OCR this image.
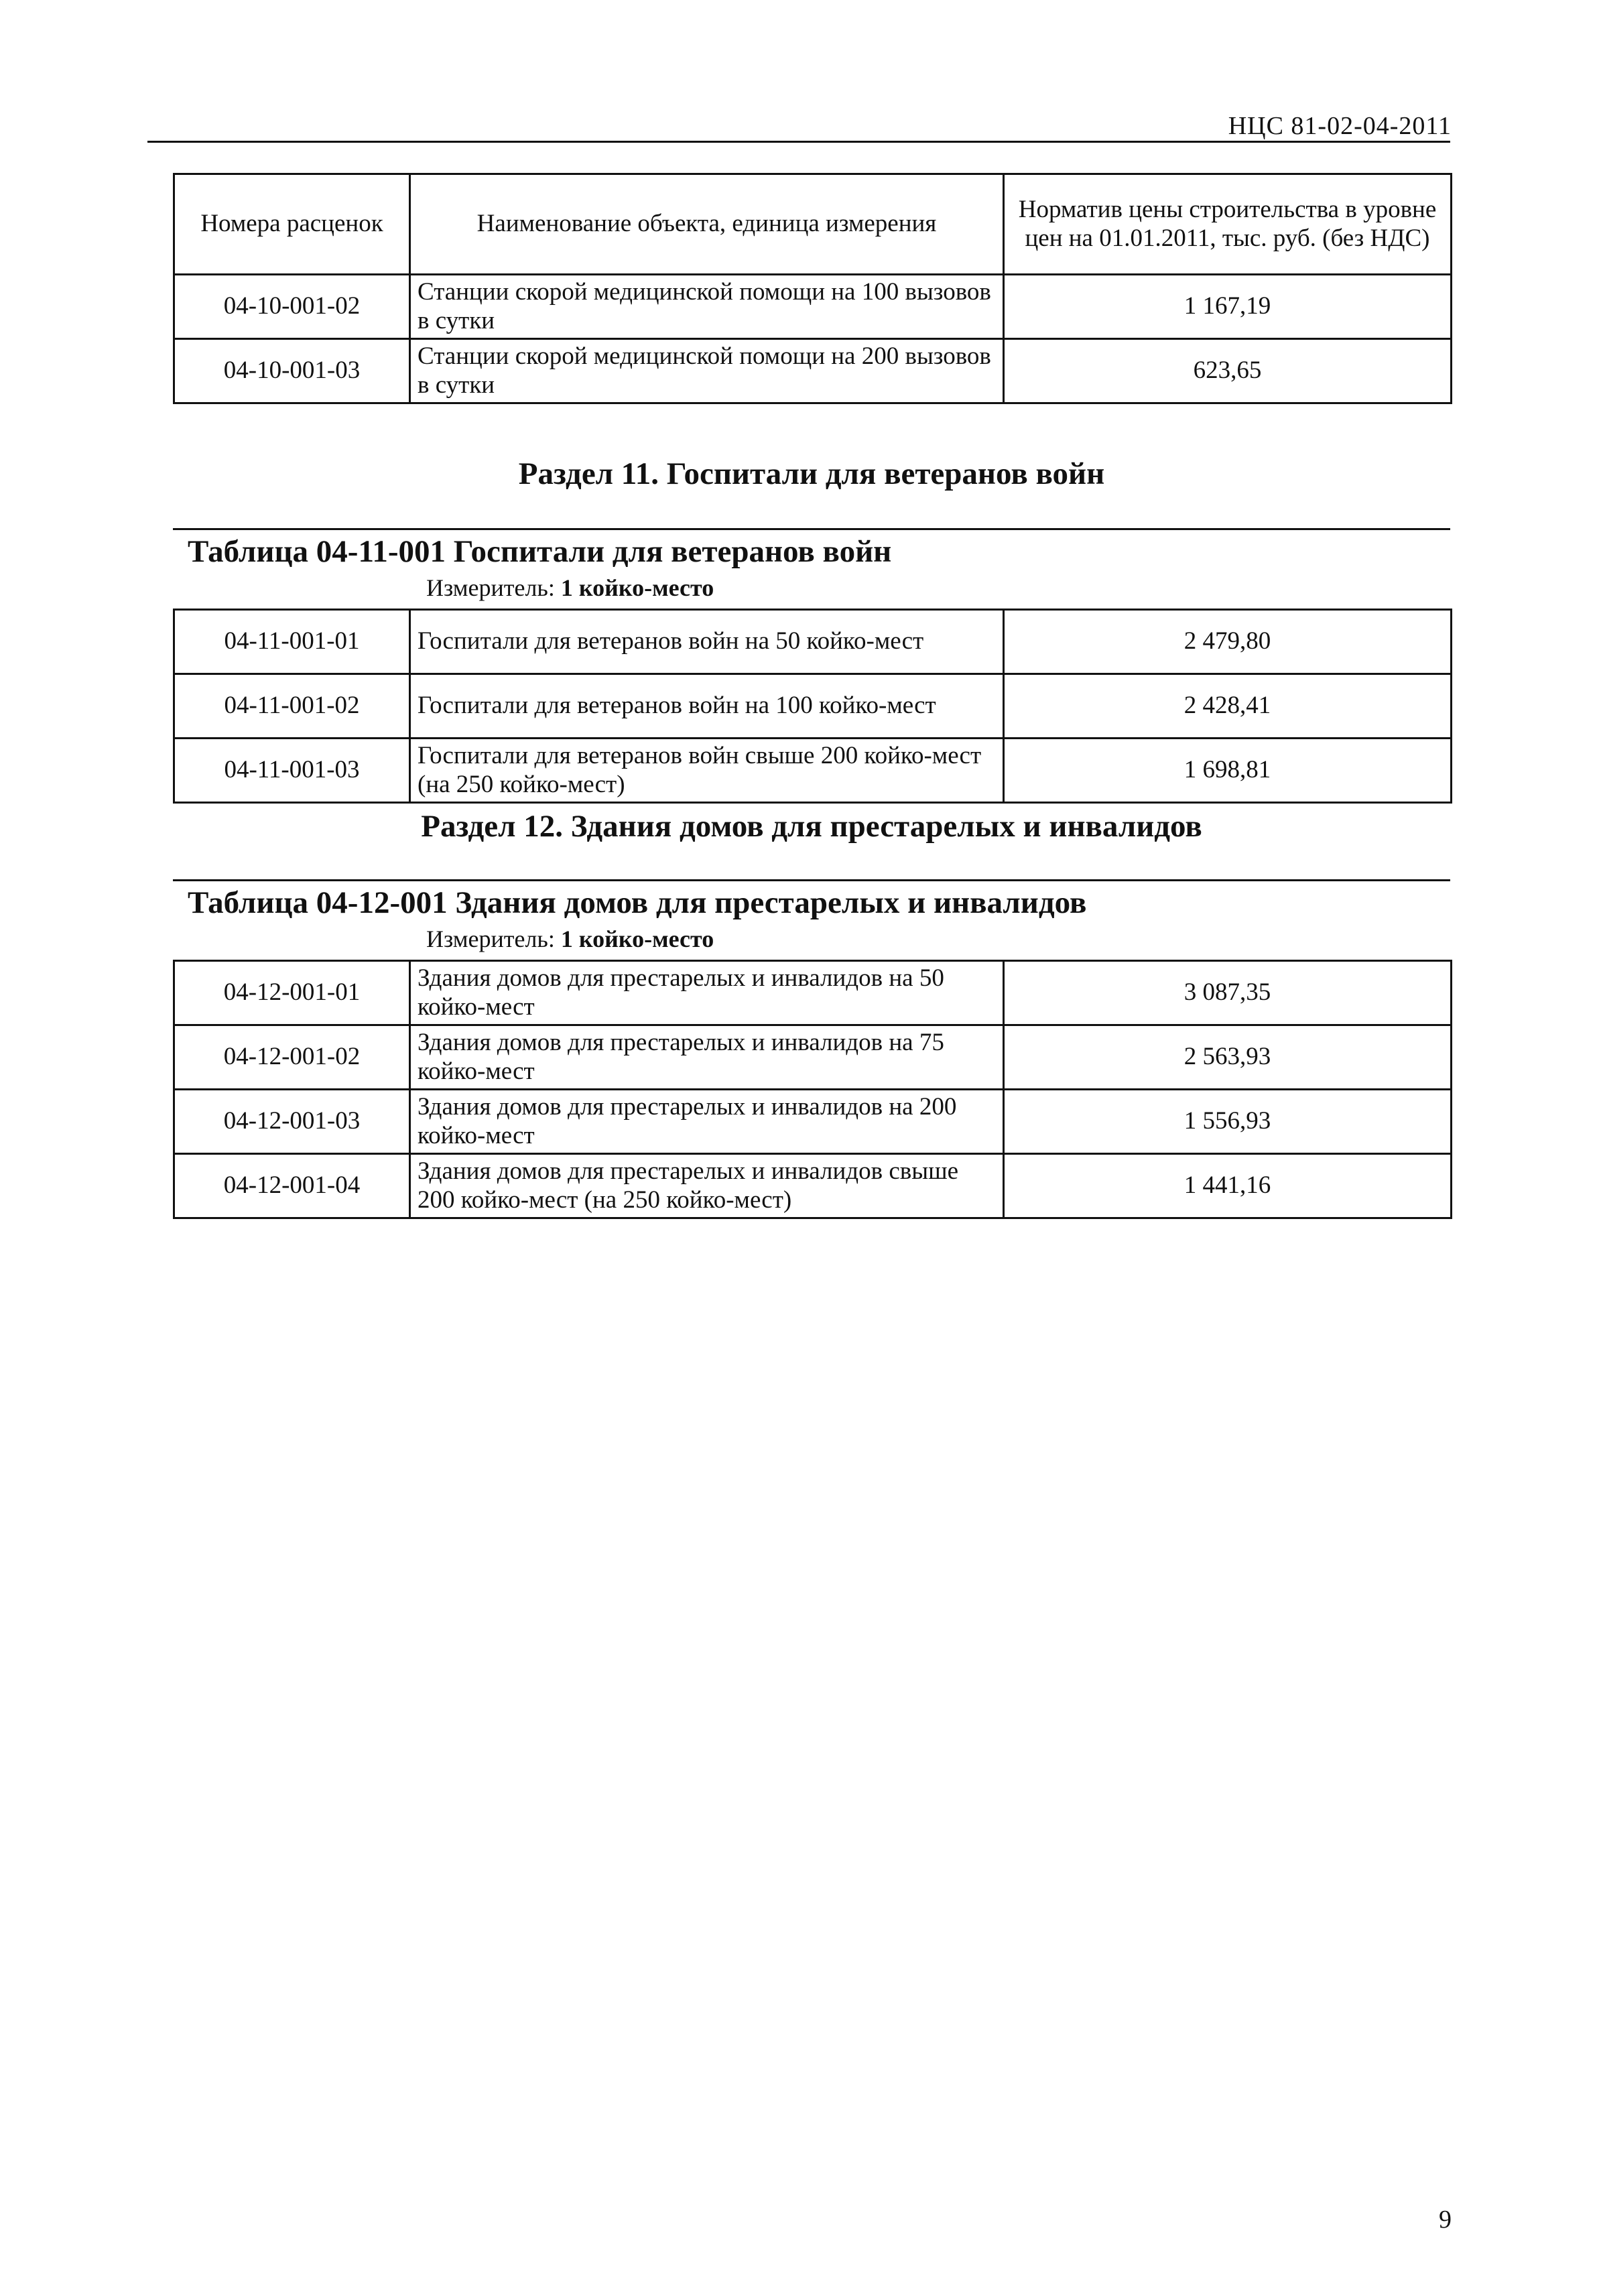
НЦС 81-02-04-2011
Номера расценок	Наименование объекта, единица измерения	Норматив цены строительства в уровне цен на 01.01.2011, тыс. руб. (без НДС)
04-10-001-02	Станции скорой медицинской помощи на 100 вызовов в сутки	1 167,19
04-10-001-03	Станции скорой медицинской помощи на 200 вызовов в сутки	623,65
Раздел 11. Госпитали для ветеранов войн
Таблица 04-11-001 Госпитали для ветеранов войн
Измеритель: 1 койко-место
04-11-001-01	Госпитали для ветеранов войн на 50 койко-мест	2 479,80
04-11-001-02	Госпитали для ветеранов войн на 100 койко-мест	2 428,41
04-11-001-03	Госпитали для ветеранов войн свыше 200 койко-мест (на 250 койко-мест)	1 698,81
Раздел 12. Здания домов для престарелых и инвалидов
Таблица 04-12-001 Здания домов для престарелых и инвалидов
Измеритель: 1 койко-место
04-12-001-01	Здания домов для престарелых и инвалидов на 50 койко-мест	3 087,35
04-12-001-02	Здания домов для престарелых и инвалидов на 75 койко-мест	2 563,93
04-12-001-03	Здания домов для престарелых и инвалидов на 200 койко-мест	1 556,93
04-12-001-04	Здания домов для престарелых и инвалидов свыше 200 койко-мест (на 250 койко-мест)	1 441,16
9
